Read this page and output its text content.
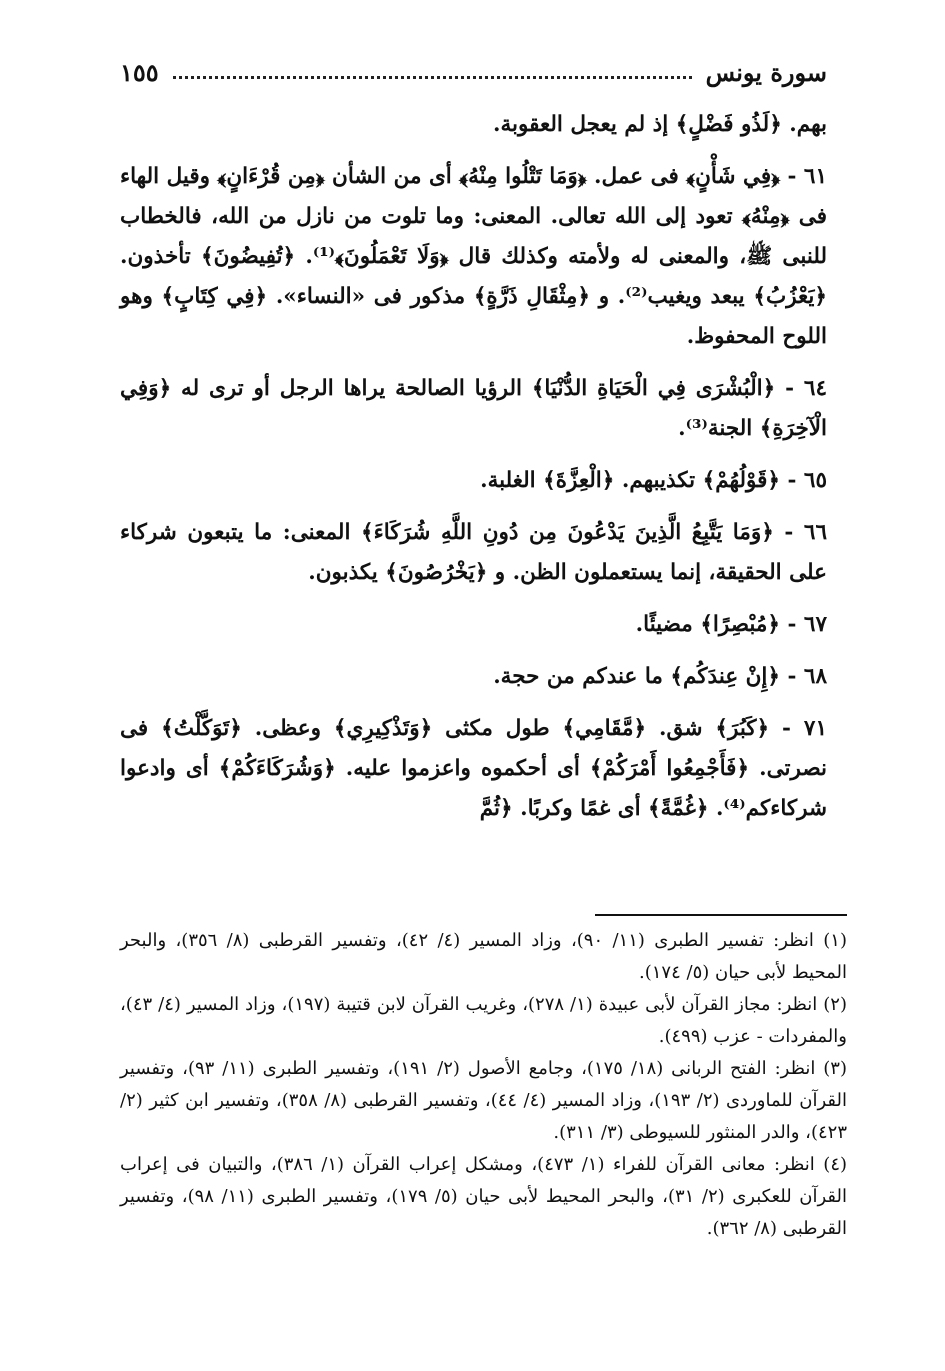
سورة يونس
١٥٥

بهم. ﴿لَذُو فَضْلٍ﴾ إذ لم يعجل العقوبة.

٦١ - ﴿فِي شَأْنٍ﴾ فى عمل. ﴿وَمَا تَتْلُوا مِنْهُ﴾ أى من الشأن ﴿مِن قُرْءَانٍ﴾ وقيل الهاء فى ﴿مِنْهُ﴾ تعود إلى الله تعالى. المعنى: وما تلوت من نازل من الله، فالخطاب للنبى ﷺ، والمعنى له ولأمته وكذلك قال ﴿وَلَا تَعْمَلُونَ﴾⁽¹⁾. ﴿تُفِيضُونَ﴾ تأخذون. ﴿يَعْزُبُ﴾ يبعد ويغيب⁽²⁾. و ﴿مِثْقَالِ ذَرَّةٍ﴾ مذكور فى «النساء». ﴿فِي كِتَابٍ﴾ وهو اللوح المحفوظ.

٦٤ - ﴿الْبُشْرَى فِي الْحَيَاةِ الدُّنْيَا﴾ الرؤيا الصالحة يراها الرجل أو ترى له ﴿وَفِي الْآخِرَةِ﴾ الجنة⁽³⁾.

٦٥ - ﴿قَوْلُهُمْ﴾ تكذيبهم. ﴿الْعِزَّةَ﴾ الغلبة.

٦٦ - ﴿وَمَا يَتَّبِعُ الَّذِينَ يَدْعُونَ مِن دُونِ اللَّهِ شُرَكَاءَ﴾ المعنى: ما يتبعون شركاء على الحقيقة، إنما يستعملون الظن. و ﴿يَخْرُصُونَ﴾ يكذبون.

٦٧ - ﴿مُبْصِرًا﴾ مضيئًا.

٦٨ - ﴿إِنْ عِندَكُم﴾ ما عندكم من حجة.

٧١ - ﴿كَبُرَ﴾ شق. ﴿مَّقَامِي﴾ طول مكثى ﴿وَتَذْكِيرِي﴾ وعظى. ﴿تَوَكَّلْتُ﴾ فى نصرتى. ﴿فَأَجْمِعُوا أَمْرَكُمْ﴾ أى أحكموه واعزموا عليه. ﴿وَشُرَكَاءَكُمْ﴾ أى وادعوا شركاءكم⁽⁴⁾. ﴿غُمَّةً﴾ أى غمًا وكربًا. ﴿ثُمَّ

(١) انظر: تفسير الطبرى (١١/ ٩٠)، وزاد المسير (٤/ ٤٢)، وتفسير القرطبى (٨/ ٣٥٦)، والبحر المحيط لأبى حيان (٥/ ١٧٤).

(٢) انظر: مجاز القرآن لأبى عبيدة (١/ ٢٧٨)، وغريب القرآن لابن قتيبة (١٩٧)، وزاد المسير (٤/ ٤٣)، والمفردات - عزب (٤٩٩).

(٣) انظر: الفتح الربانى (١٨/ ١٧٥)، وجامع الأصول (٢/ ١٩١)، وتفسير الطبرى (١١/ ٩٣)، وتفسير القرآن للماوردى (٢/ ١٩٣)، وزاد المسير (٤/ ٤٤)، وتفسير القرطبى (٨/ ٣٥٨)، وتفسير ابن كثير (٢/ ٤٢٣)، والدر المنثور للسيوطى (٣/ ٣١١).

(٤) انظر: معانى القرآن للفراء (١/ ٤٧٣)، ومشكل إعراب القرآن (١/ ٣٨٦)، والتبيان فى إعراب القرآن للعكبرى (٢/ ٣١)، والبحر المحيط لأبى حيان (٥/ ١٧٩)، وتفسير الطبرى (١١/ ٩٨)، وتفسير القرطبى (٨/ ٣٦٢).
